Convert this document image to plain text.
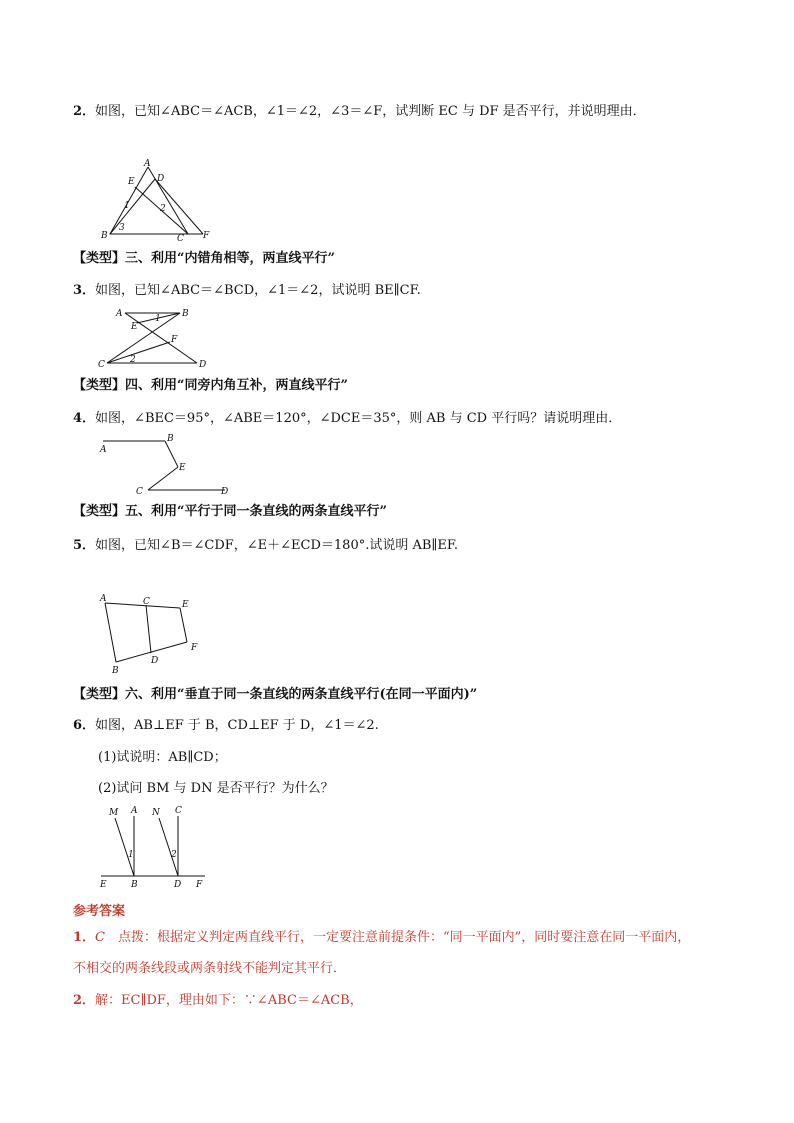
2．如图，已知∠ABC＝∠ACB，∠1＝∠2，∠3＝∠F，试判断 EC 与 DF 是否平行，并说明理由．
A
E D
1	2
3
B	C F
【类型】三、利用“内错角相等，两直线平行”
3．如图，已知∠ABC＝∠BCD，∠1＝∠2，试说明 BE∥CF.
A	B
1
E
F
C	2	D
【类型】四、利用“同旁内角互补，两直线平行”
4．如图，∠BEC＝95°，∠ABE＝120°，∠DCE＝35°，则 AB 与 CD 平行吗？请说明理由．
A
B
E
C	D
【类型】五、利用“平行于同一条直线的两条直线平行”
5．如图，已知∠B＝∠CDF，∠E＋∠ECD＝180°.试说明 AB∥EF.
A	C	E
B
D
F
【类型】六、利用“垂直于同一条直线的两条直线平行(在同一平面内)”
6．如图，AB⊥EF 于 B，CD⊥EF 于 D，∠1＝∠2.
(1)试说明：AB∥CD；
(2)试问 BM 与 DN 是否平行？为什么？
M A N C
1	2
E	B	D F
参考答案
1．C　点拨：根据定义判定两直线平行，一定要注意前提条件：“同一平面内”，同时要注意在同一平面内，
不相交的两条线段或两条射线不能判定其平行．
2．解：EC∥DF，理由如下：∵∠ABC＝∠ACB，
